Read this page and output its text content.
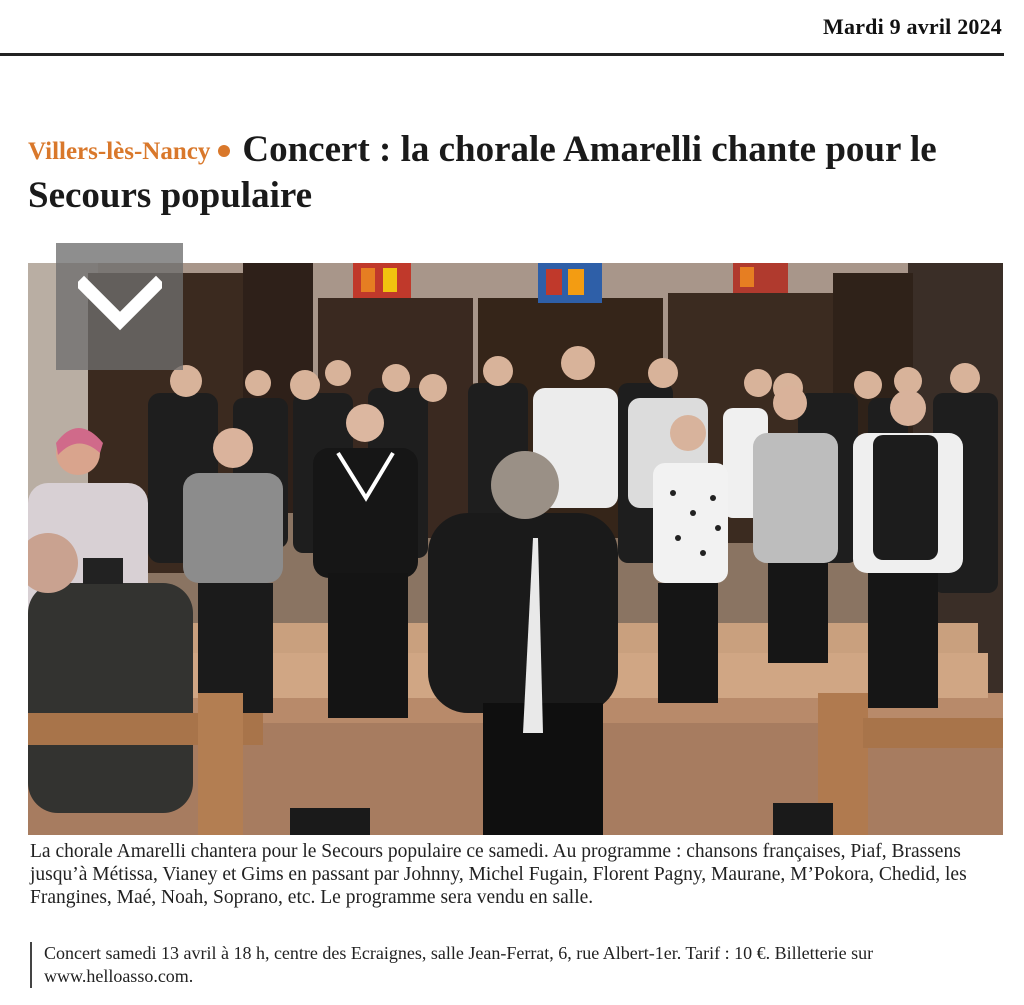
Mardi 9 avril 2024
Villers-lès-Nancy Concert : la chorale Amarelli chante pour le Secours populaire

La chorale Amarelli chantera pour le Secours populaire ce samedi. Au programme : chansons françaises, Piaf, Brassens jusqu’à Métissa, Vianey et Gims en passant par Johnny, Michel Fugain, Florent Pagny, Maurane, M’Pokora, Chedid, les Frangines, Maé, Noah, Soprano, etc. Le programme sera vendu en salle.

Concert samedi 13 avril à 18 h, centre des Ecraignes, salle Jean-Ferrat, 6, rue Albert-1er. Tarif : 10 €. Billetterie sur www.helloasso.com.
